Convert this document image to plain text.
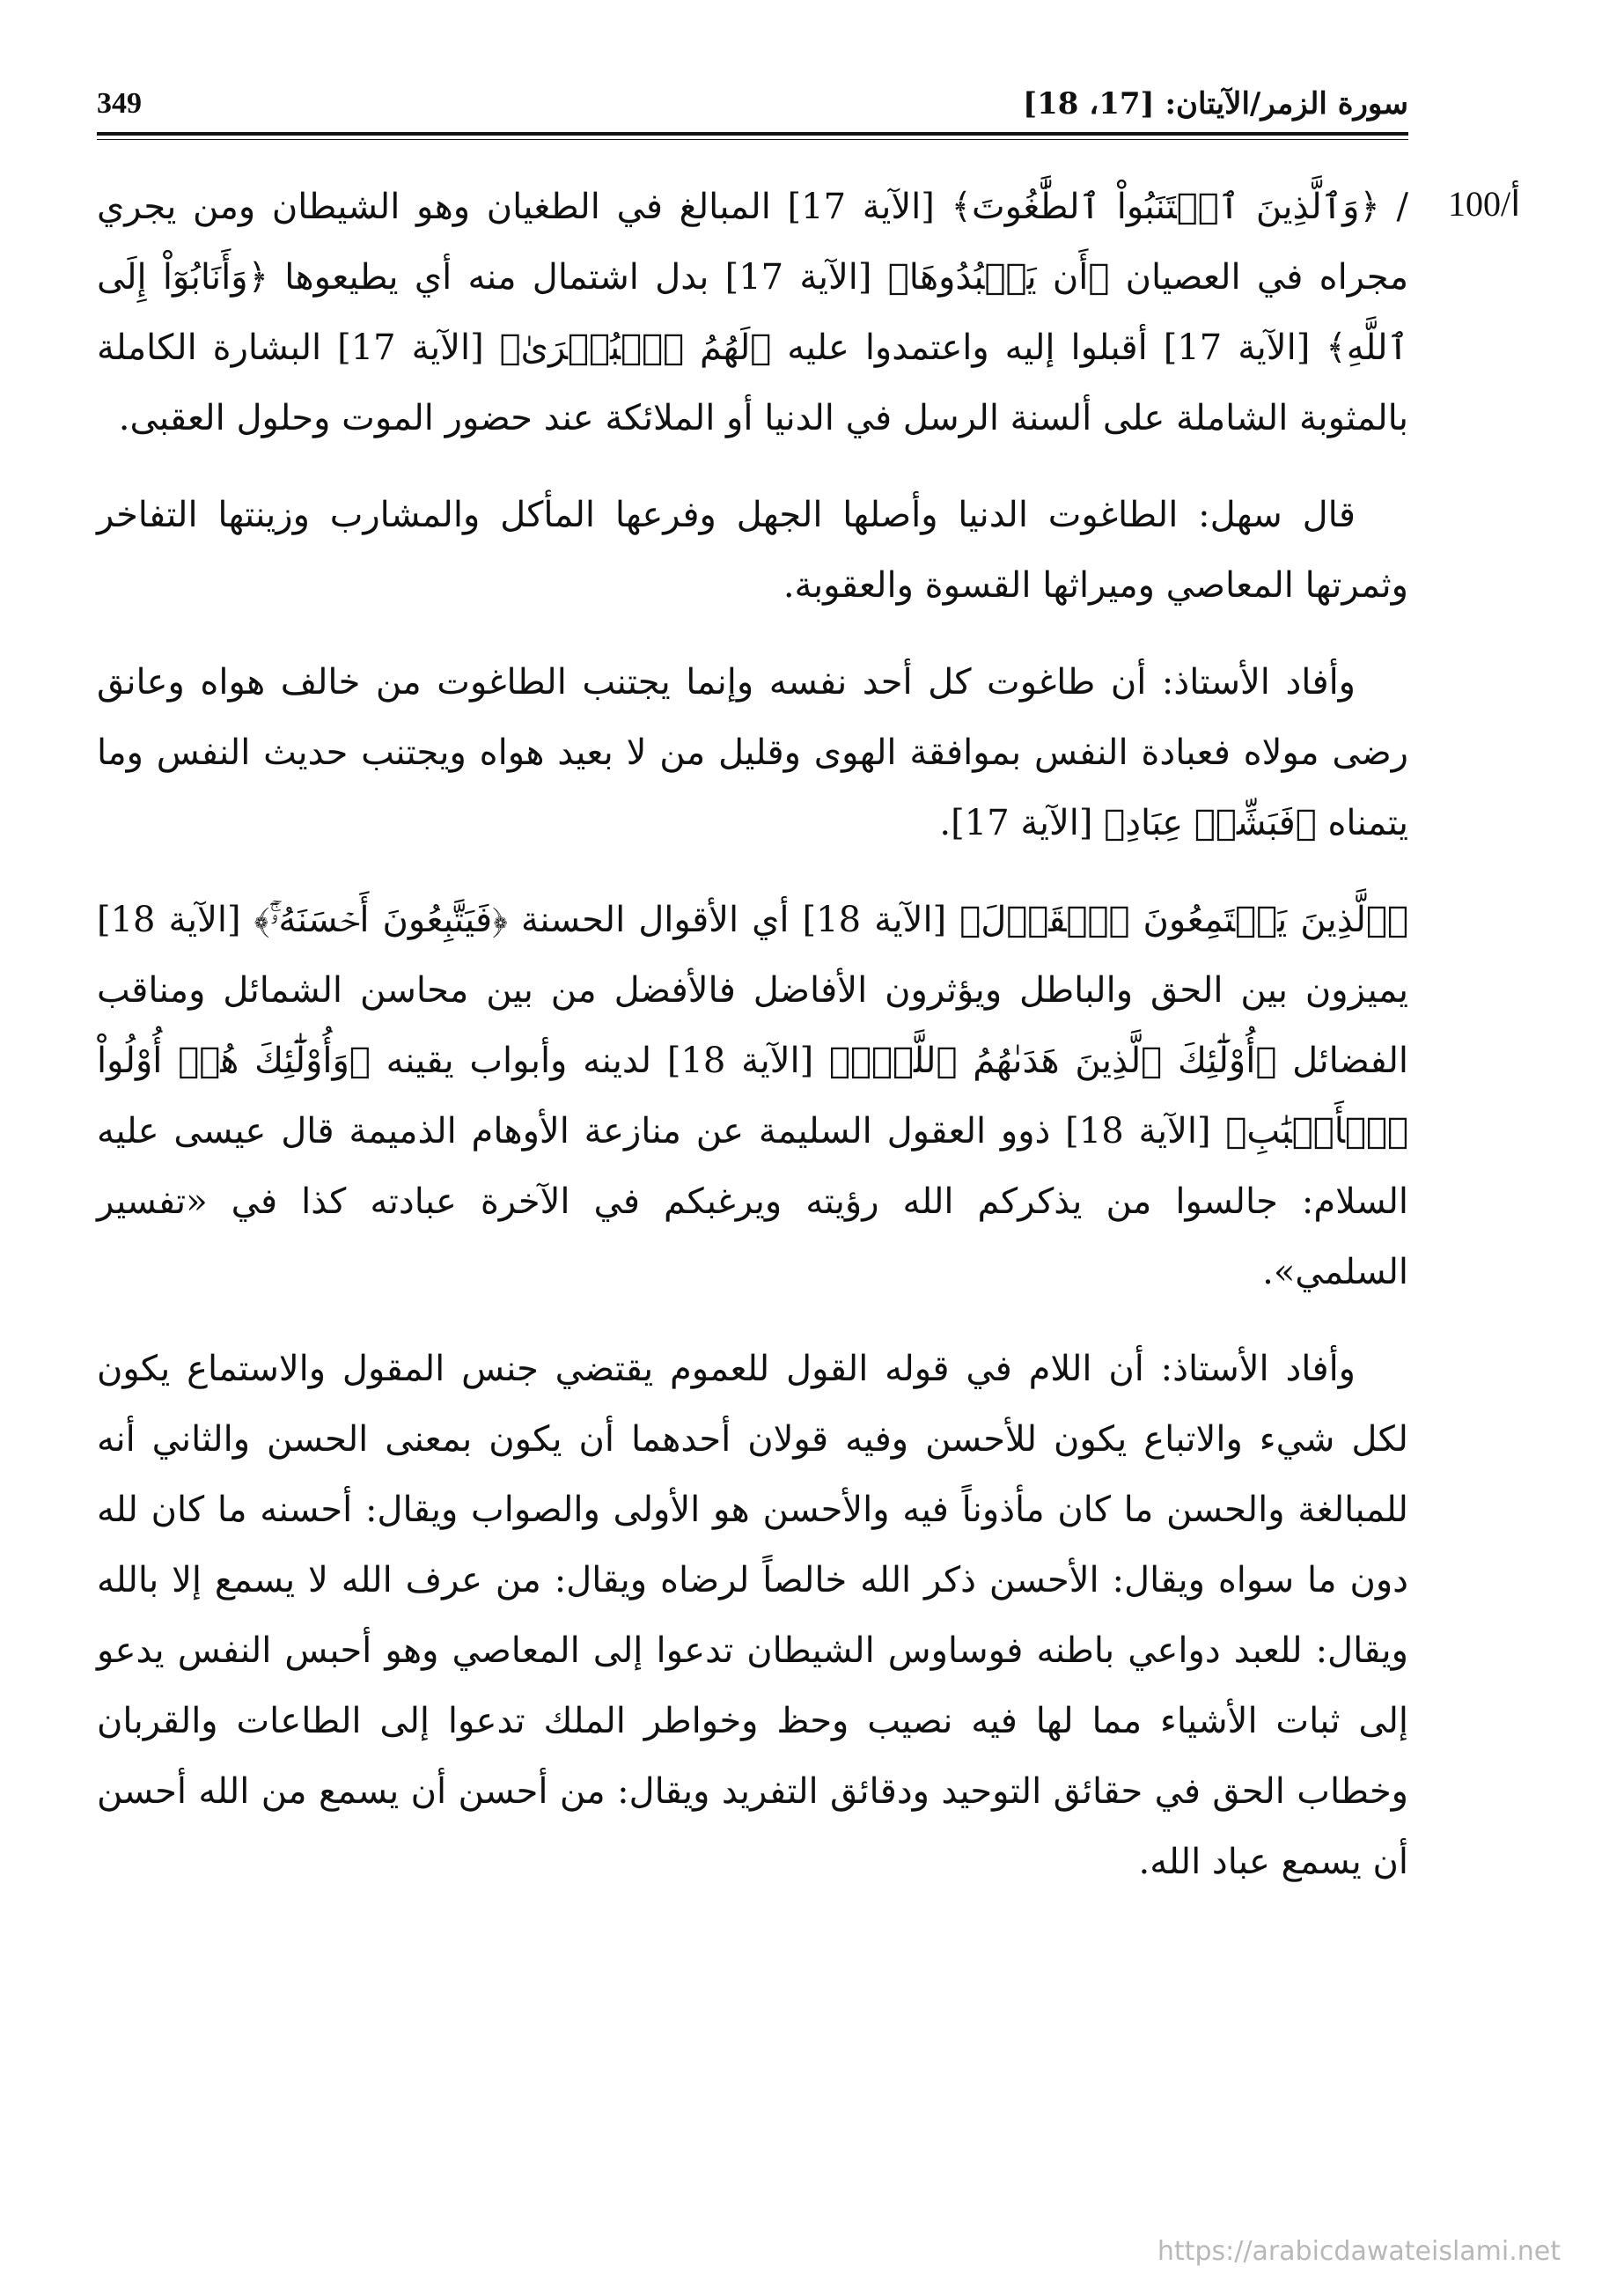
349	سورة الزمر/الآيتان: [17، 18]
100/أ

/ ﴿وَٱلَّذِينَ ٱجۡتَنَبُواْ ٱلطَّٰغُوتَ﴾ [الآية 17] المبالغ في الطغيان وهو الشيطان ومن يجري مجراه في العصيان ﴿أَن يَعۡبُدُوهَا﴾ [الآية 17] بدل اشتمال منه أي يطيعوها ﴿وَأَنَابُوٓاْ إِلَى ٱللَّهِ﴾ [الآية 17] أقبلوا إليه واعتمدوا عليه ﴿لَهُمُ ٱلۡبُشۡرَىٰ﴾ [الآية 17] البشارة الكاملة بالمثوبة الشاملة على ألسنة الرسل في الدنيا أو الملائكة عند حضور الموت وحلول العقبى.

قال سهل: الطاغوت الدنيا وأصلها الجهل وفرعها المأكل والمشارب وزينتها التفاخر وثمرتها المعاصي وميراثها القسوة والعقوبة.

وأفاد الأستاذ: أن طاغوت كل أحد نفسه وإنما يجتنب الطاغوت من خالف هواه وعانق رضى مولاه فعبادة النفس بموافقة الهوى وقليل من لا بعيد هواه ويجتنب حديث النفس وما يتمناه ﴿فَبَشِّرۡ عِبَادِ﴾ [الآية 17].

﴿ٱلَّذِينَ يَسۡتَمِعُونَ ٱلۡقَوۡلَ﴾ [الآية 18] أي الأقوال الحسنة ﴿فَيَتَّبِعُونَ أَحۡسَنَهُۥٓۚ﴾ [الآية 18] يميزون بين الحق والباطل ويؤثرون الأفاضل فالأفضل من بين محاسن الشمائل ومناقب الفضائل ﴿أُوْلَٰٓئِكَ ٱلَّذِينَ هَدَىٰهُمُ ٱللَّهُۖ﴾ [الآية 18] لدينه وأبواب يقينه ﴿وَأُوْلَٰٓئِكَ هُمۡ أُوْلُواْ ٱلۡأَلۡبَٰبِ﴾ [الآية 18] ذوو العقول السليمة عن منازعة الأوهام الذميمة قال عيسى عليه السلام: جالسوا من يذكركم الله رؤيته ويرغبكم في الآخرة عبادته كذا في «تفسير السلمي».

وأفاد الأستاذ: أن اللام في قوله القول للعموم يقتضي جنس المقول والاستماع يكون لكل شيء والاتباع يكون للأحسن وفيه قولان أحدهما أن يكون بمعنى الحسن والثاني أنه للمبالغة والحسن ما كان مأذوناً فيه والأحسن هو الأولى والصواب ويقال: أحسنه ما كان لله دون ما سواه ويقال: الأحسن ذكر الله خالصاً لرضاه ويقال: من عرف الله لا يسمع إلا بالله ويقال: للعبد دواعي باطنه فوساوس الشيطان تدعوا إلى المعاصي وهو أحبس النفس يدعو إلى ثبات الأشياء مما لها فيه نصيب وحظ وخواطر الملك تدعوا إلى الطاعات والقربان وخطاب الحق في حقائق التوحيد ودقائق التفريد ويقال: من أحسن أن يسمع من الله أحسن أن يسمع عباد الله.

https://arabicdawateislami.net
